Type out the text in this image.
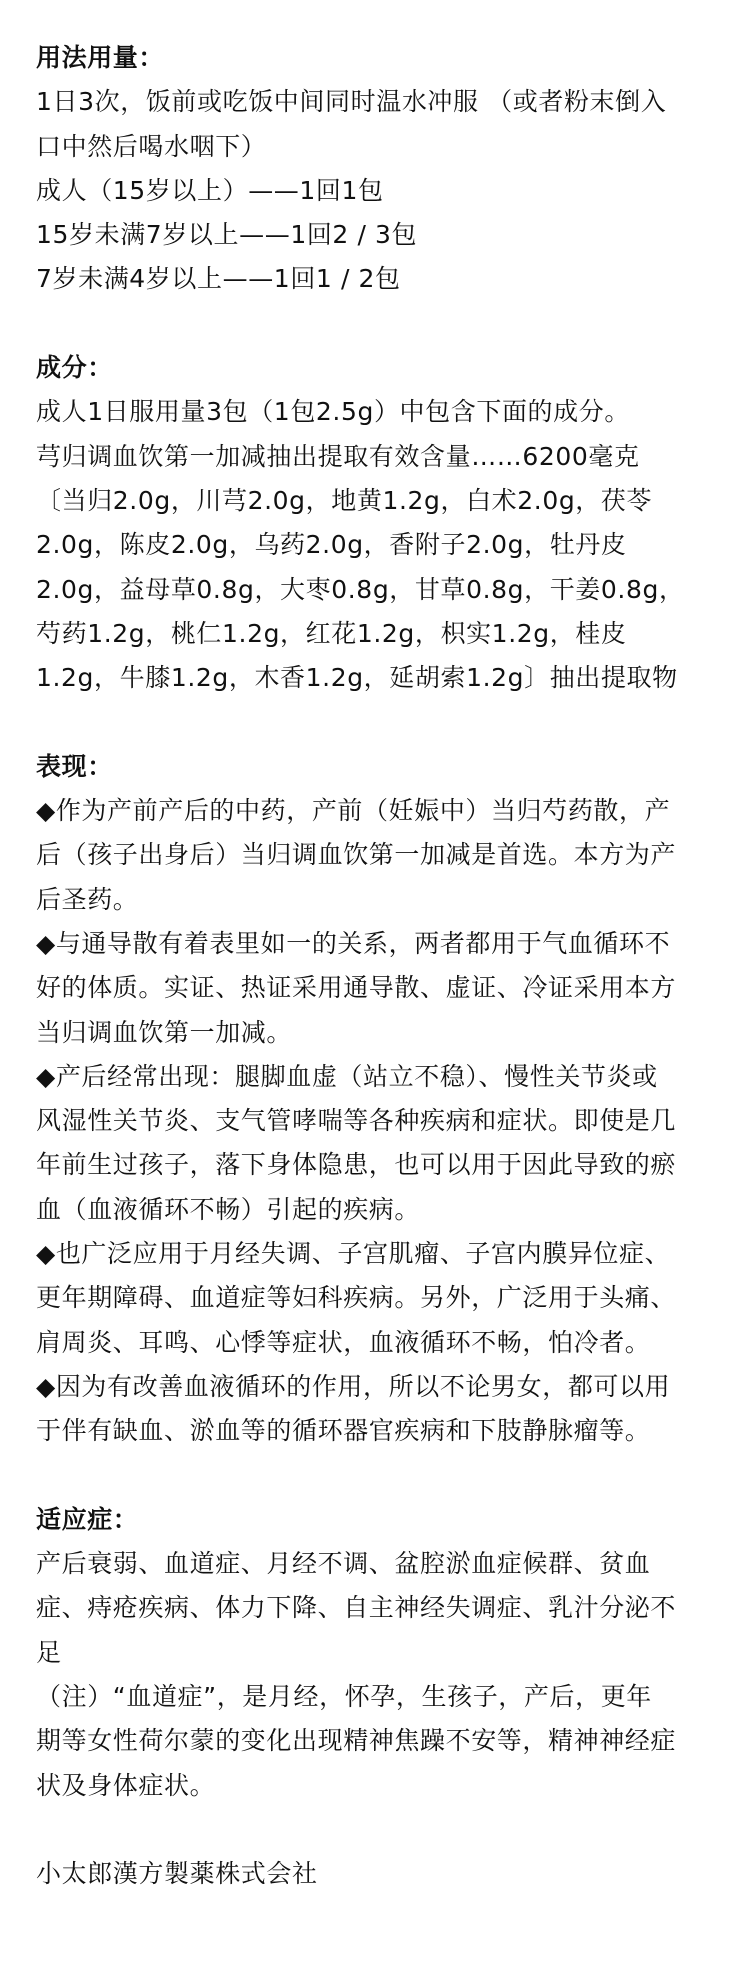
用法用量：
1日3次，饭前或吃饭中间同时温水冲服 （或者粉末倒入
口中然后喝水咽下）
成人（15岁以上）——1回1包
15岁未满7岁以上——1回2 / 3包
7岁未满4岁以上——1回1 / 2包
成分：
成人1日服用量3包（1包2.5g）中包含下面的成分。
芎归调血饮第一加减抽出提取有效含量……6200毫克
〔当归2.0g，川芎2.0g，地黄1.2g，白术2.0g，茯苓
2.0g，陈皮2.0g，乌药2.0g，香附子2.0g，牡丹皮
2.0g，益母草0.8g，大枣0.8g，甘草0.8g，干姜0.8g，
芍药1.2g，桃仁1.2g，红花1.2g，枳实1.2g，桂皮
1.2g，牛膝1.2g，木香1.2g，延胡索1.2g〕抽出提取物
表现：
◆作为产前产后的中药，产前（妊娠中）当归芍药散，产
后（孩子出身后）当归调血饮第一加减是首选。本方为产
后圣药。
◆与通导散有着表里如一的关系，两者都用于气血循环不
好的体质。实证、热证采用通导散、虚证、冷证采用本方
当归调血饮第一加减。
◆产后经常出现：腿脚血虚（站立不稳）、慢性关节炎或
风湿性关节炎、支气管哮喘等各种疾病和症状。即使是几
年前生过孩子，落下身体隐患，也可以用于因此导致的瘀
血（血液循环不畅）引起的疾病。
◆也广泛应用于月经失调、子宫肌瘤、子宫内膜异位症、
更年期障碍、血道症等妇科疾病。另外，广泛用于头痛、
肩周炎、耳鸣、心悸等症状，血液循环不畅，怕冷者。
◆因为有改善血液循环的作用，所以不论男女，都可以用
于伴有缺血、淤血等的循环器官疾病和下肢静脉瘤等。
适应症：
产后衰弱、血道症、月经不调、盆腔淤血症候群、贫血
症、痔疮疾病、体力下降、自主神经失调症、乳汁分泌不
足
（注）“血道症”，是月经，怀孕，生孩子，产后，更年
期等女性荷尔蒙的变化出现精神焦躁不安等，精神神经症
状及身体症状。
小太郎漢方製薬株式会社
